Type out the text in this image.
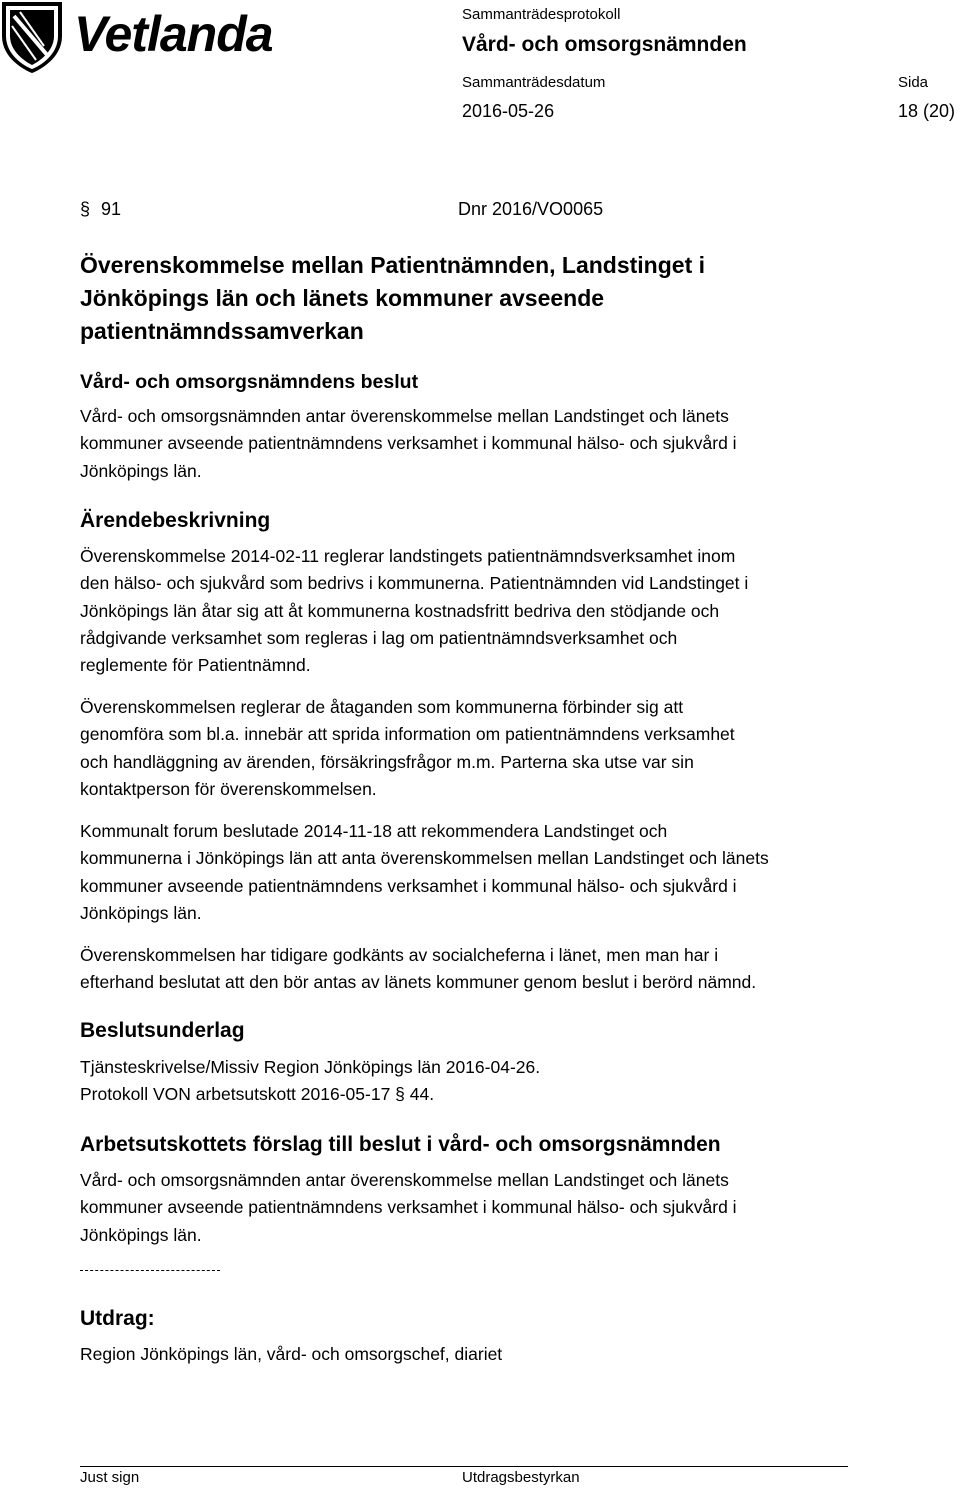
Vetlanda	Sammanträdesprotokoll
Vård- och omsorgsnämnden
Sammanträdesdatum
2016-05-26
Sida
18 (20)
§ 91	Dnr 2016/VO0065
Överenskommelse mellan Patientnämnden, Landstinget i
Jönköpings län och länets kommuner avseende
patientnämndssamverkan
Vård- och omsorgsnämndens beslut
Vård- och omsorgsnämnden antar överenskommelse mellan Landstinget och länets
kommuner avseende patientnämndens verksamhet i kommunal hälso- och sjukvård i
Jönköpings län.
Ärendebeskrivning
Överenskommelse 2014-02-11 reglerar landstingets patientnämndsverksamhet inom
den hälso- och sjukvård som bedrivs i kommunerna. Patientnämnden vid Landstinget i
Jönköpings län åtar sig att åt kommunerna kostnadsfritt bedriva den stödjande och
rådgivande verksamhet som regleras i lag om patientnämndsverksamhet och
reglemente för Patientnämnd.
Överenskommelsen reglerar de åtaganden som kommunerna förbinder sig att
genomföra som bl.a. innebär att sprida information om patientnämndens verksamhet
och handläggning av ärenden, försäkringsfrågor m.m. Parterna ska utse var sin
kontaktperson för överenskommelsen.
Kommunalt forum beslutade 2014-11-18 att rekommendera Landstinget och
kommunerna i Jönköpings län att anta överenskommelsen mellan Landstinget och länets
kommuner avseende patientnämndens verksamhet i kommunal hälso- och sjukvård i
Jönköpings län.
Överenskommelsen har tidigare godkänts av socialcheferna i länet, men man har i
efterhand beslutat att den bör antas av länets kommuner genom beslut i berörd nämnd.
Beslutsunderlag
Tjänsteskrivelse/Missiv Region Jönköpings län 2016-04-26.
Protokoll VON arbetsutskott 2016-05-17 § 44.
Arbetsutskottets förslag till beslut i vård- och omsorgsnämnden
Vård- och omsorgsnämnden antar överenskommelse mellan Landstinget och länets
kommuner avseende patientnämndens verksamhet i kommunal hälso- och sjukvård i
Jönköpings län.
Utdrag:
Region Jönköpings län, vård- och omsorgschef, diariet
Just sign	Utdragsbestyrkan
